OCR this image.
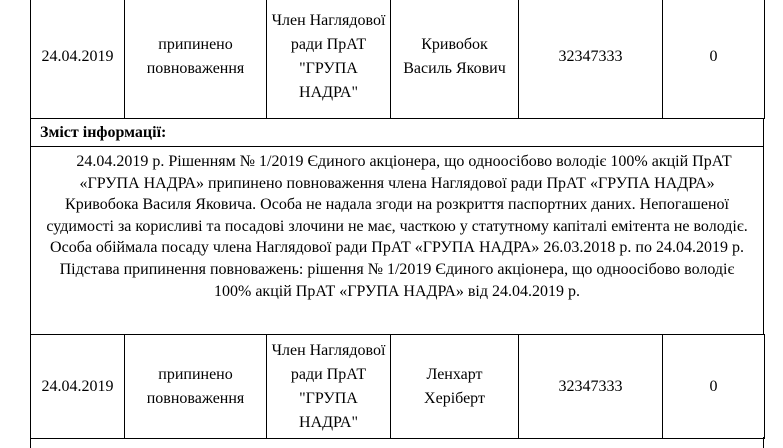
24.04.2019	припинено повноваження	Член Наглядової ради ПрАТ "ГРУПА НАДРА"	Кривобок Василь Якович	32347333	0
Зміст інформації:
24.04.2019 р. Рішенням № 1/2019 Єдиного акціонера, що одноосібово володіє 100% акцій ПрАТ «ГРУПА НАДРА» припинено повноваження члена Наглядової ради ПрАТ «ГРУПА НАДРА» Кривобока Василя Яковича. Особа не надала згоди на розкриття паспортних даних. Непогашеної судимості за корисливі та посадові злочини не має, часткою у статутному капіталі емітента не володіє. Особа обіймала посаду члена Наглядової ради ПрАТ «ГРУПА НАДРА» 26.03.2018 р. по 24.04.2019 р. Підстава припинення повноважень: рішення № 1/2019 Єдиного акціонера, що одноосібово володіє 100% акцій ПрАТ «ГРУПА НАДРА» від 24.04.2019 р.
24.04.2019	припинено повноваження	Член Наглядової ради ПрАТ "ГРУПА НАДРА"	Ленхарт Херіберт	32347333	0
